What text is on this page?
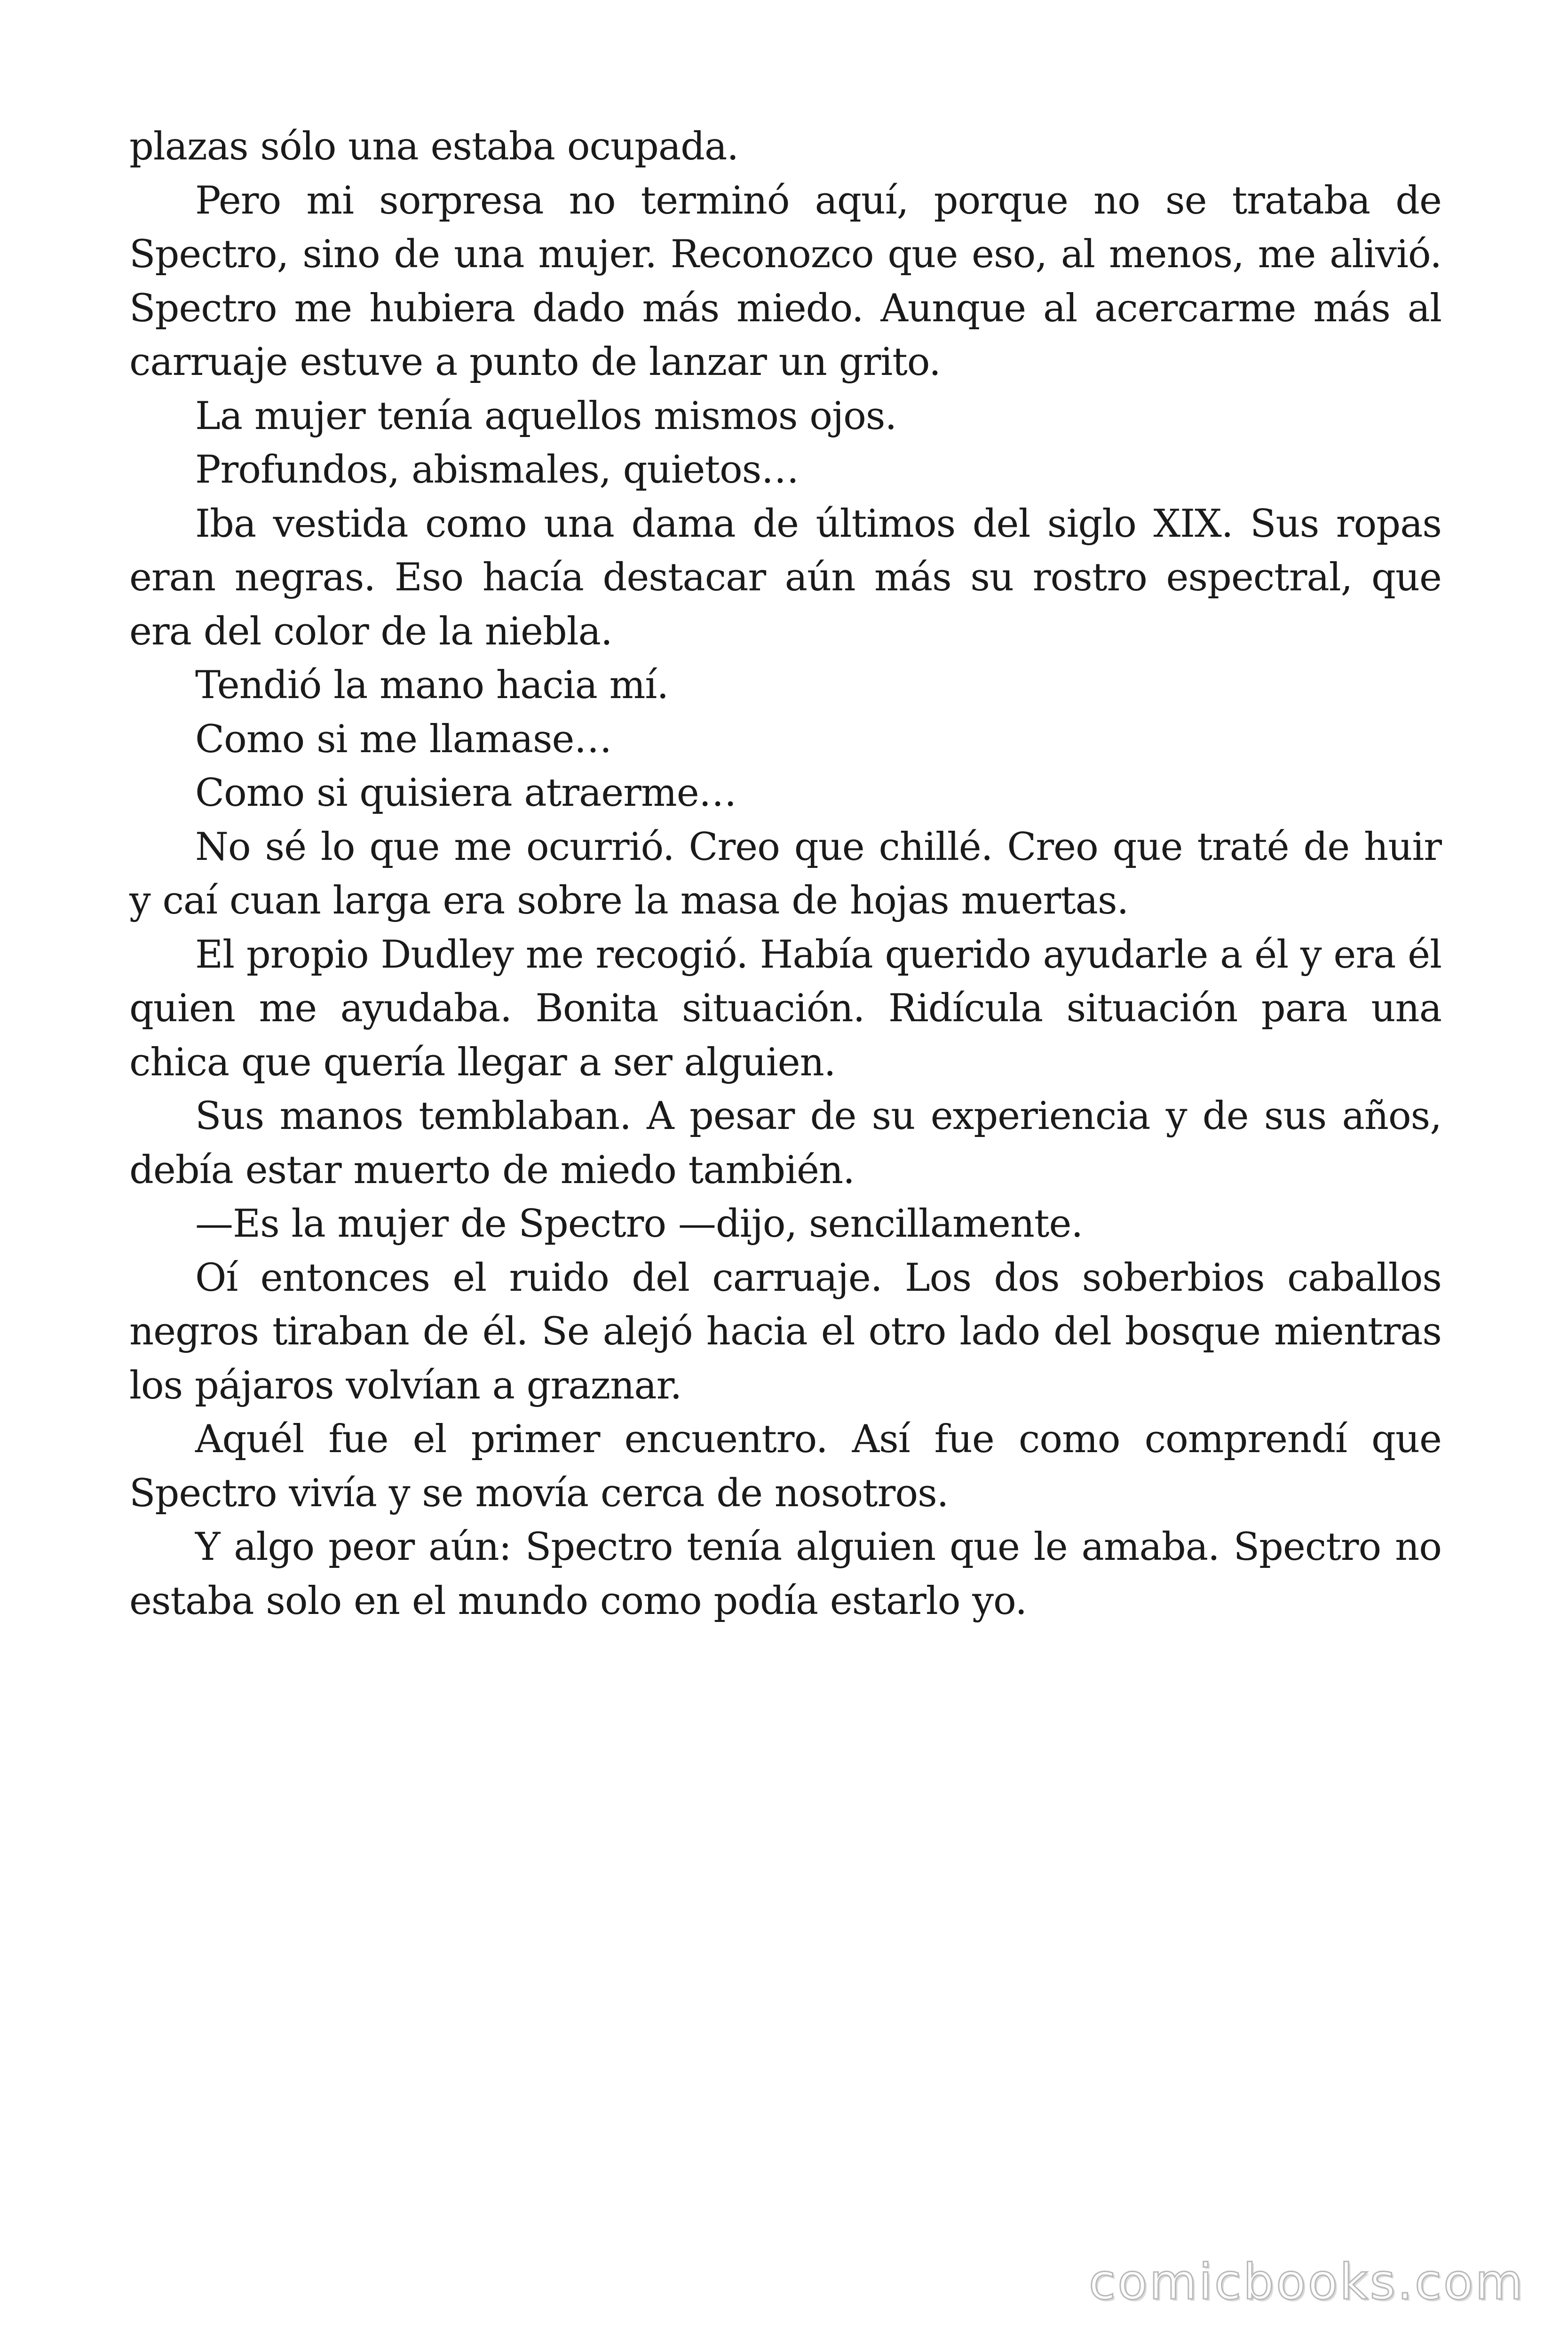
plazas sólo una estaba ocupada.

Pero mi sorpresa no terminó aquí, porque no se trataba de Spectro, sino de una mujer. Reconozco que eso, al menos, me alivió. Spectro me hubiera dado más miedo. Aunque al acercarme más al carruaje estuve a punto de lanzar un grito.

La mujer tenía aquellos mismos ojos.

Profundos, abismales, quietos…

Iba vestida como una dama de últimos del siglo XIX. Sus ropas eran negras. Eso hacía destacar aún más su rostro espectral, que era del color de la niebla.

Tendió la mano hacia mí.

Como si me llamase…

Como si quisiera atraerme…

No sé lo que me ocurrió. Creo que chillé. Creo que traté de huir y caí cuan larga era sobre la masa de hojas muertas.

El propio Dudley me recogió. Había querido ayudarle a él y era él quien me ayudaba. Bonita situación. Ridícula situación para una chica que quería llegar a ser alguien.

Sus manos temblaban. A pesar de su experiencia y de sus años, debía estar muerto de miedo también.

—Es la mujer de Spectro —dijo, sencillamente.

Oí entonces el ruido del carruaje. Los dos soberbios caballos negros tiraban de él. Se alejó hacia el otro lado del bosque mientras los pájaros volvían a graznar.

Aquél fue el primer encuentro. Así fue como comprendí que Spectro vivía y se movía cerca de nosotros.

Y algo peor aún: Spectro tenía alguien que le amaba. Spectro no estaba solo en el mundo como podía estarlo yo.

comicbooks.com
